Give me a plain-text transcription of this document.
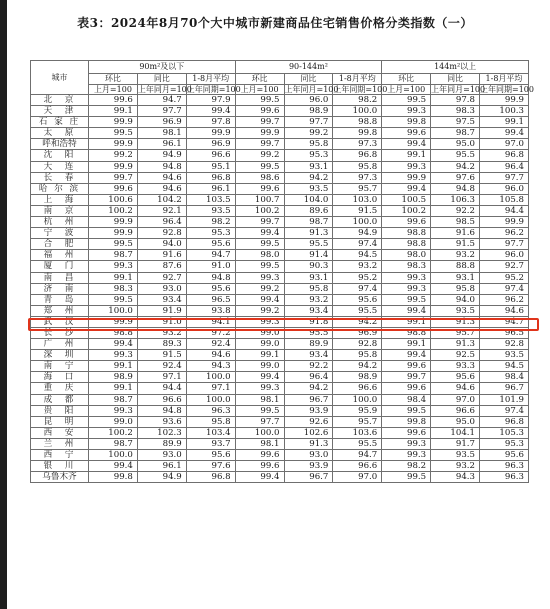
表3：2024年8月70个大中城市新建商品住宅销售价格分类指数（一）
城市	90m²及以下			90-144m²			144m²以上		
	环比	同比	1-8月平均	环比	同比	1-8月平均	环比	同比	1-8月平均
	上月=100	上年同月=100	上年同期=100	上月=100	上年同月=100	上年同期=100	上月=100	上年同月=100	上年同期=100
北　京	99.6	94.7	97.9	99.5	96.0	98.2	99.5	97.8	99.9
天　津	99.1	97.7	99.4	99.6	98.9	100.0	99.3	98.3	100.3
石 家 庄	99.9	96.9	97.8	99.7	97.7	98.8	99.8	97.5	99.1
太　原	99.5	98.1	99.9	99.9	99.2	99.8	99.6	98.7	99.4
呼和浩特	99.9	96.1	96.9	99.7	95.8	97.3	99.4	95.0	97.0
沈　阳	99.2	94.9	96.6	99.2	95.3	96.8	99.1	95.5	96.8
大　连	99.9	94.8	95.1	99.5	93.1	95.8	99.3	94.2	96.4
长　春	99.7	94.6	96.8	98.6	94.2	97.3	99.9	97.6	97.7
哈 尔 滨	99.6	94.6	96.1	99.6	93.5	95.7	99.4	94.8	96.0
上　海	100.6	104.2	103.5	100.7	104.0	103.0	100.5	106.3	105.8
南　京	100.2	92.1	93.5	100.2	89.6	91.5	100.2	92.2	94.4
杭　州	99.9	96.4	98.2	99.7	98.7	100.0	99.6	98.5	99.9
宁　波	99.9	92.8	95.3	99.4	91.3	94.9	98.8	91.6	96.2
合　肥	99.5	94.0	95.6	99.5	95.5	97.4	98.8	91.5	97.7
福　州	98.7	91.6	94.7	98.0	91.4	94.5	98.0	93.2	96.0
厦　门	99.3	87.6	91.0	99.5	90.3	93.2	98.3	88.8	92.7
南　昌	99.1	92.7	94.8	99.3	93.1	95.2	99.3	93.1	95.2
济　南	98.3	93.0	95.6	99.2	95.8	97.4	99.3	95.8	97.4
青　岛	99.5	93.4	96.5	99.4	93.2	95.6	99.5	94.0	96.2
郑　州	100.0	91.9	93.8	99.2	93.4	95.5	99.4	93.5	94.6
武　汉	99.9	91.0	94.1	99.3	91.8	94.2	99.1	91.3	94.7
长　沙	98.8	93.2	97.2	99.0	95.5	96.9	98.8	95.7	96.5
广　州	99.4	89.3	92.4	99.0	89.9	92.8	99.1	91.3	92.8
深　圳	99.3	91.5	94.6	99.1	93.4	95.8	99.4	92.5	93.5
南　宁	99.1	92.4	94.3	99.0	92.2	94.2	99.6	93.3	94.5
海　口	98.9	97.1	100.0	99.4	96.4	98.9	99.7	95.6	98.4
重　庆	99.1	94.4	97.1	99.3	94.2	96.6	99.6	94.6	96.7
成　都	98.7	96.6	100.0	98.1	96.7	100.0	98.4	97.0	101.9
贵　阳	99.3	94.8	96.3	99.5	93.9	95.9	99.5	96.6	97.4
昆　明	99.0	93.6	95.8	97.7	92.6	95.7	99.8	95.0	96.8
西　安	100.2	102.3	103.4	100.0	102.6	103.6	99.6	104.1	105.3
兰　州	98.7	89.9	93.7	98.1	91.3	95.5	99.3	91.7	95.3
西　宁	100.0	93.0	95.6	99.6	93.0	94.7	99.3	93.5	95.6
银　川	99.4	96.1	97.6	99.6	93.9	96.6	98.2	93.2	96.3
乌鲁木齐	99.8	94.9	96.8	99.4	96.7	97.0	99.5	94.3	96.3
